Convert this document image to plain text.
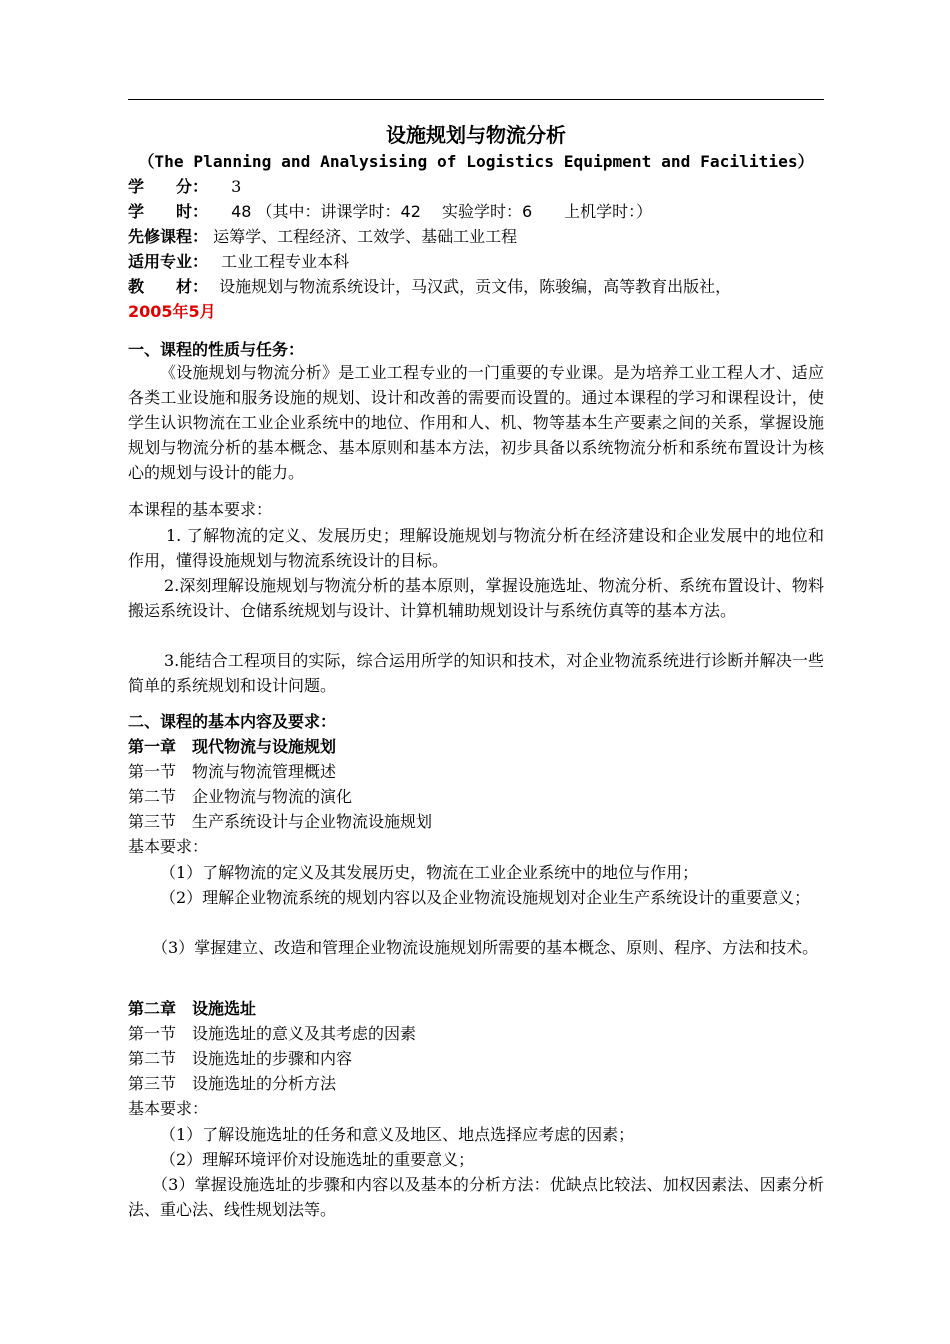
设施规划与物流分析
（The Planning and Analysising of Logistics Equipment and Facilities）
学　　分： 3
学　　时： 48 （其中：讲课学时：42　 实验学时：6　　上机学时：）
先修课程： 运筹学、工程经济、工效学、基础工业工程
适用专业： 工业工程专业本科
教　　材： 设施规划与物流系统设计，马汉武，贡文伟，陈骏编，高等教育出版社，
2005年5月
一、课程的性质与任务：
《设施规划与物流分析》是工业工程专业的一门重要的专业课。是为培养工业工程人才、适应各类工业设施和服务设施的规划、设计和改善的需要而设置的。通过本课程的学习和课程设计，使学生认识物流在工业企业系统中的地位、作用和人、机、物等基本生产要素之间的关系，掌握设施规划与物流分析的基本概念、基本原则和基本方法，初步具备以系统物流分析和系统布置设计为核心的规划与设计的能力。
本课程的基本要求：
1. 了解物流的定义、发展历史；理解设施规划与物流分析在经济建设和企业发展中的地位和作用，懂得设施规划与物流系统设计的目标。
2.深刻理解设施规划与物流分析的基本原则，掌握设施选址、物流分析、系统布置设计、物料搬运系统设计、仓储系统规划与设计、计算机辅助规划设计与系统仿真等的基本方法。
3.能结合工程项目的实际，综合运用所学的知识和技术，对企业物流系统进行诊断并解决一些简单的系统规划和设计问题。
二、课程的基本内容及要求：
第一章　现代物流与设施规划
第一节　物流与物流管理概述
第二节　企业物流与物流的演化
第三节　生产系统设计与企业物流设施规划
基本要求：
（1）了解物流的定义及其发展历史，物流在工业企业系统中的地位与作用；
（2）理解企业物流系统的规划内容以及企业物流设施规划对企业生产系统设计的重要意义；
（3）掌握建立、改造和管理企业物流设施规划所需要的基本概念、原则、程序、方法和技术。
第二章　设施选址
第一节　设施选址的意义及其考虑的因素
第二节　设施选址的步骤和内容
第三节　设施选址的分析方法
基本要求：
（1）了解设施选址的任务和意义及地区、地点选择应考虑的因素；
（2）理解环境评价对设施选址的重要意义；
（3）掌握设施选址的步骤和内容以及基本的分析方法：优缺点比较法、加权因素法、因素分析法、重心法、线性规划法等。
